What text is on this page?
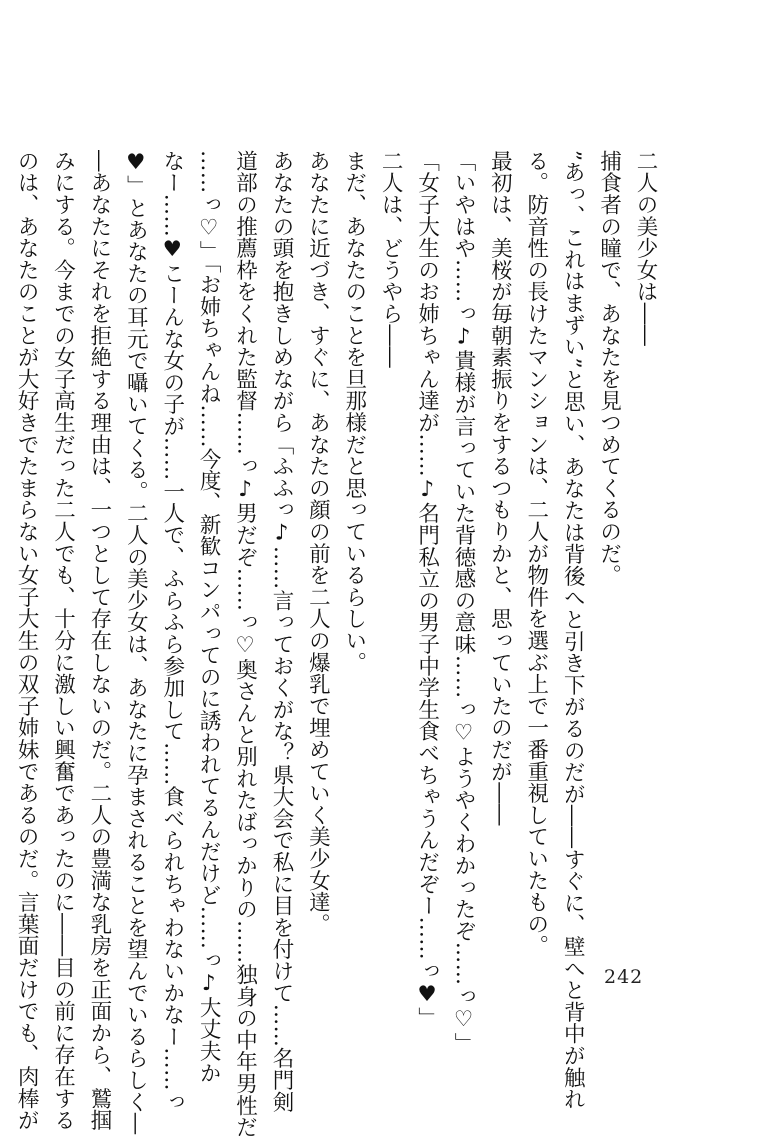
二人の美少女は――
捕食者の瞳で、あなたを見つめてくるのだ。
”あっ、これはまずい”と思い、あなたは背後へと引き下がるのだが――すぐに、壁へと背中が触れ
る。防音性の長けたマンションは、二人が物件を選ぶ上で一番重視していたもの。
最初は、美桜が毎朝素振りをするつもりかと、思っていたのだが――
「いやはや……っ♪貴様が言っていた背徳感の意味……っ♡ようやくわかったぞ……っ♡」
「女子大生のお姉ちゃん達が……♪名門私立の男子中学生食べちゃうんだぞー……っ♥」
二人は、どうやら――
まだ、あなたのことを旦那様だと思っているらしい。
あなたに近づき、すぐに、あなたの顔の前を二人の爆乳で埋めていく美少女達。
あなたの頭を抱きしめながら「ふふっ♪……言っておくがな？県大会で私に目を付けて……名門剣
道部の推薦枠をくれた監督……っ♪男だぞ……っ♡奥さんと別れたばっかりの……独身の中年男性だ
……っ♡」「お姉ちゃんね……今度、新歓コンパってのに誘われてるんだけど……っ♪大丈夫か
なー……♥こーんな女の子が……一人で、ふらふら参加して……食べられちゃわないかなー……っ
♥」とあなたの耳元で囁いてくる。二人の美少女は、あなたに孕まされることを望んでいるらしく―
―あなたにそれを拒絶する理由は、一つとして存在しないのだ。二人の豊満な乳房を正面から、鷲掴
みにする。今までの女子高生だった二人でも、十分に激しい興奮であったのに――目の前に存在する
のは、あなたのことが大好きでたまらない女子大生の双子姉妹であるのだ。言葉面だけでも、肉棒が	242
